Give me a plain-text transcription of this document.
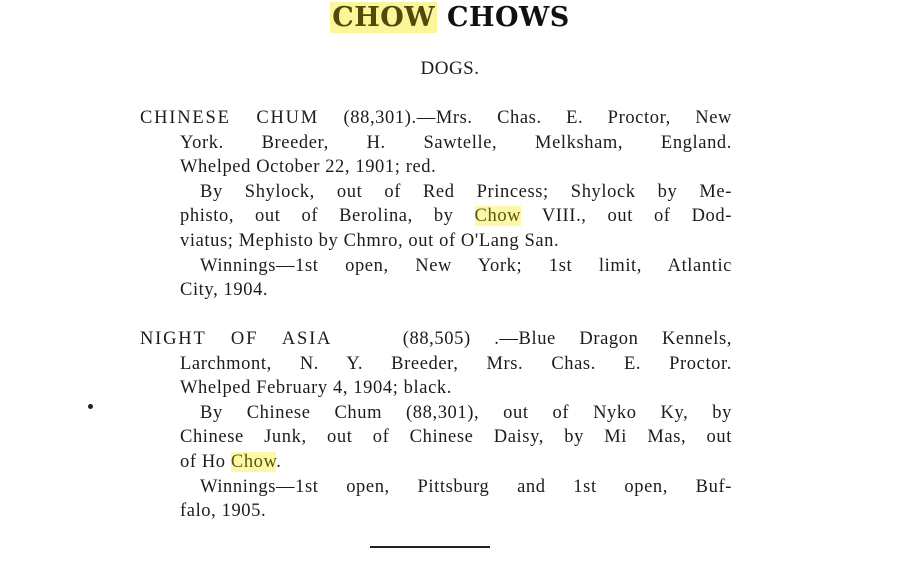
CHOW CHOWS
DOGS.
CHINESE CHUM (88,301).—Mrs. Chas. E. Proctor, New
York. Breeder, H. Sawtelle, Melksham, England.
Whelped October 22, 1901; red.
By Shylock, out of Red Princess; Shylock by Me-
phisto, out of Berolina, by Chow VIII., out of Dod-
viatus; Mephisto by Chmro, out of O'Lang San.
Winnings—1st open, New York; 1st limit, Atlantic
City, 1904.
NIGHT OF ASIA	(88,505) .—Blue Dragon Kennels,
Larchmont, N. Y. Breeder, Mrs. Chas. E. Proctor.
Whelped February 4, 1904; black.
By Chinese Chum (88,301), out of Nyko Ky, by
Chinese Junk, out of Chinese Daisy, by Mi Mas, out
of Ho Chow.
Winnings—1st open, Pittsburg and 1st open, Buf-
falo, 1905.
